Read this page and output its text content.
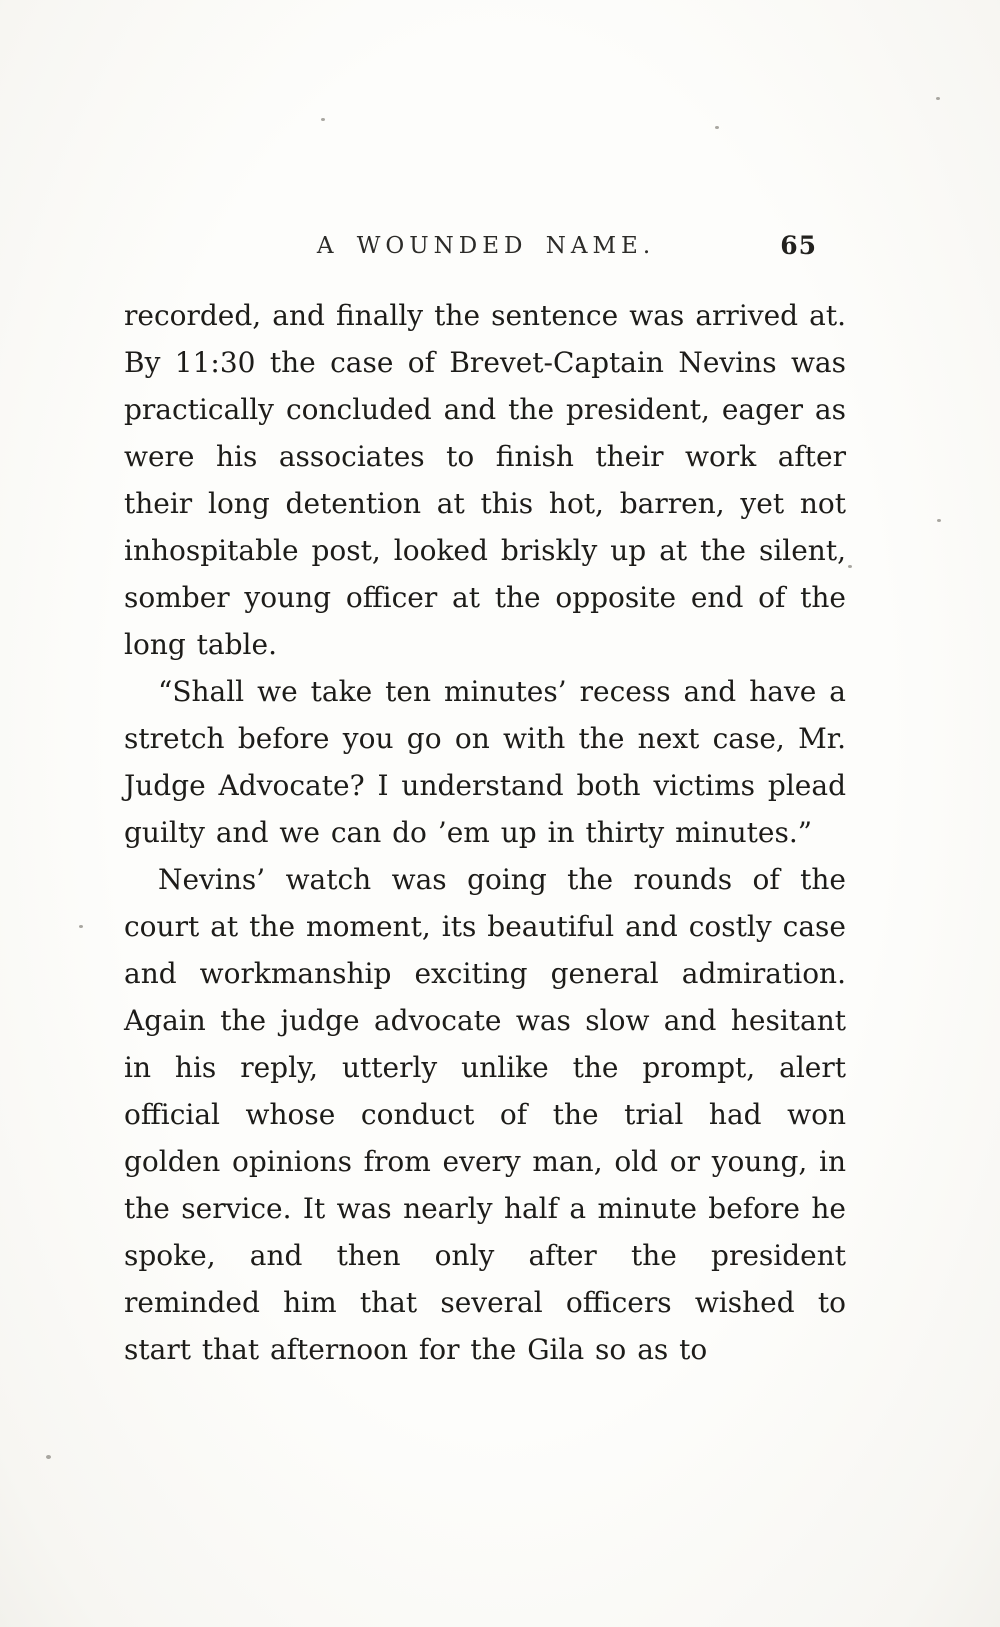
A WOUNDED NAME.	65

recorded, and finally the sentence was arrived at. By 11:30 the case of Brevet-Captain Nevins was practically concluded and the president, eager as were his associates to finish their work after their long detention at this hot, barren, yet not inhospitable post, looked briskly up at the silent, somber young officer at the opposite end of the long table.

“Shall we take ten minutes’ recess and have a stretch before you go on with the next case, Mr. Judge Advocate? I understand both victims plead guilty and we can do ’em up in thirty minutes.”

Nevins’ watch was going the rounds of the court at the moment, its beautiful and costly case and workmanship exciting general admiration. Again the judge advocate was slow and hesitant in his reply, utterly unlike the prompt, alert official whose conduct of the trial had won golden opinions from every man, old or young, in the service. It was nearly half a minute before he spoke, and then only after the president reminded him that several officers wished to start that afternoon for the Gila so as to
